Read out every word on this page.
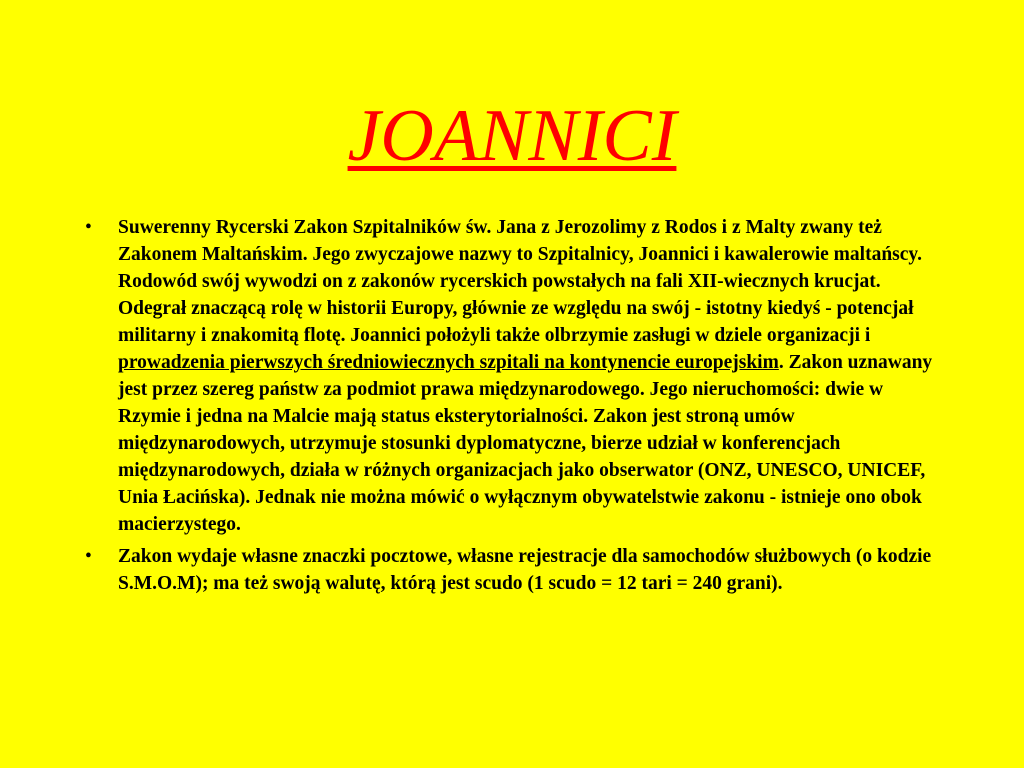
JOANNICI
• Suwerenny Rycerski Zakon Szpitalników św. Jana z Jerozolimy z Rodos i z Malty zwany też Zakonem Maltańskim. Jego zwyczajowe nazwy to Szpitalnicy, Joannici i kawalerowie maltańscy. Rodowód swój wywodzi on z zakonów rycerskich powstałych na fali XII-wiecznych krucjat. Odegrał znaczącą rolę w historii Europy, głównie ze względu na swój - istotny kiedyś - potencjał militarny i znakomitą flotę. Joannici położyli także olbrzymie zasługi w dziele organizacji i prowadzenia pierwszych średniowiecznych szpitali na kontynencie europejskim. Zakon uznawany jest przez szereg państw za podmiot prawa międzynarodowego. Jego nieruchomości: dwie w Rzymie i jedna na Malcie mają status eksterytorialności. Zakon jest stroną umów międzynarodowych, utrzymuje stosunki dyplomatyczne, bierze udział w konferencjach międzynarodowych, działa w różnych organizacjach jako obserwator (ONZ, UNESCO, UNICEF, Unia Łacińska). Jednak nie można mówić o wyłącznym obywatelstwie zakonu - istnieje ono obok macierzystego.
• Zakon wydaje własne znaczki pocztowe, własne rejestracje dla samochodów służbowych (o kodzie S.M.O.M); ma też swoją walutę, którą jest scudo (1 scudo = 12 tari = 240 grani).
